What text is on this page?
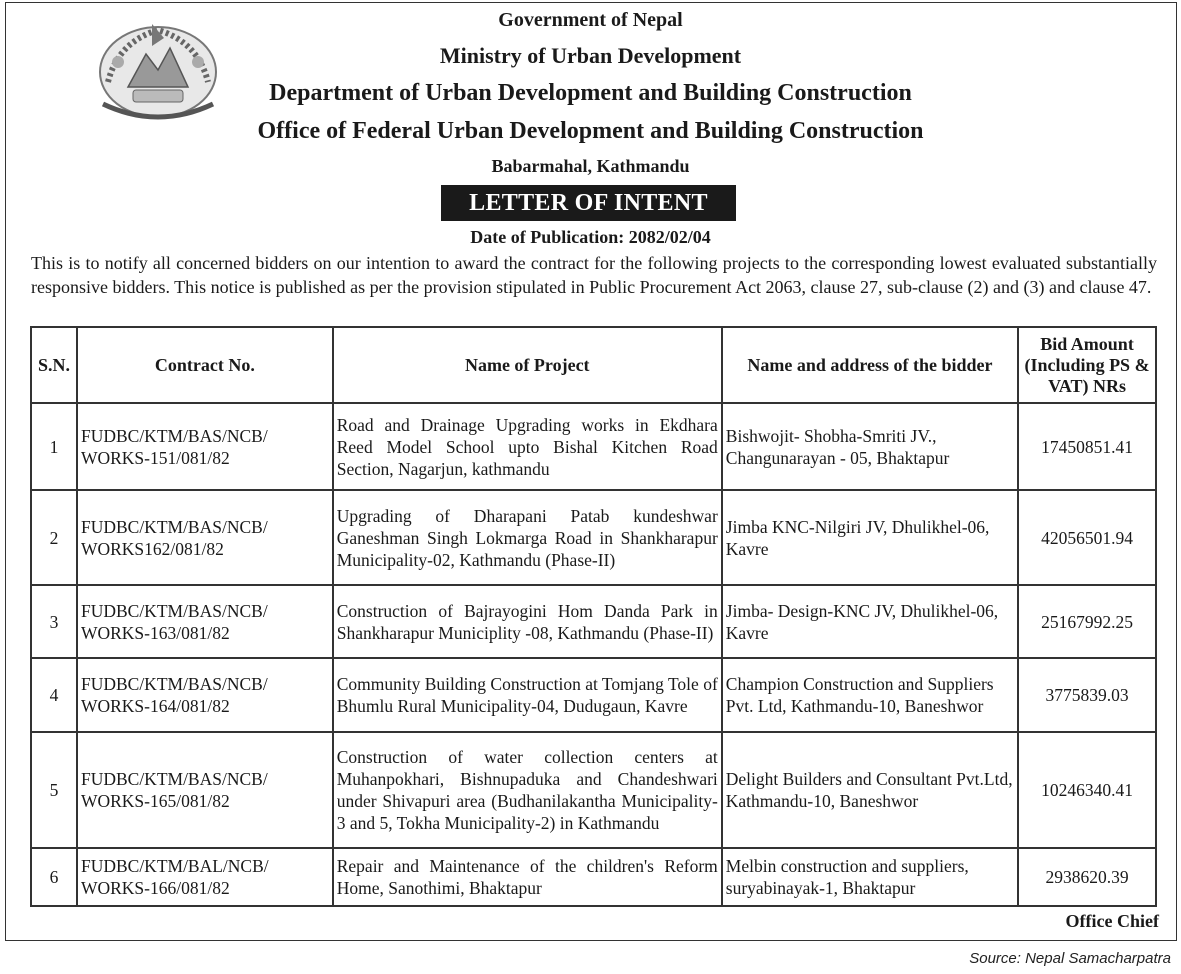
Government of Nepal

Ministry of Urban Development

Department of Urban Development and Building Construction

Office of Federal Urban Development and Building Construction

Babarmahal, Kathmandu

LETTER OF INTENT
Date of Publication: 2082/02/04

This is to notify all concerned bidders on our intention to award the contract for the following projects to the corresponding lowest evaluated substantially responsive bidders. This notice is published as per the provision stipulated in Public Procurement Act 2063, clause 27, sub-clause (2) and (3) and clause 47.

S.N.	Contract No.	Name of Project	Name and address of the bidder	Bid Amount (Including PS & VAT) NRs
1	FUDBC/KTM/BAS/NCB/ WORKS-151/081/82	Road and Drainage Upgrading works in Ekdhara Reed Model School upto Bishal Kitchen Road Section, Nagarjun, kathmandu	Bishwojit- Shobha-Smriti JV., Changunarayan - 05, Bhaktapur	17450851.41
2	FUDBC/KTM/BAS/NCB/ WORKS162/081/82	Upgrading of Dharapani Patab kundeshwar Ganeshman Singh Lokmarga Road in Shankharapur Municipality-02, Kathmandu (Phase-II)	Jimba KNC-Nilgiri JV, Dhulikhel-06, Kavre	42056501.94
3	FUDBC/KTM/BAS/NCB/ WORKS-163/081/82	Construction of Bajrayogini Hom Danda Park in Shankharapur Municiplity -08, Kathmandu (Phase-II)	Jimba- Design-KNC JV, Dhulikhel-06, Kavre	25167992.25
4	FUDBC/KTM/BAS/NCB/ WORKS-164/081/82	Community Building Construction at Tomjang Tole of Bhumlu Rural Municipality-04, Dudugaun, Kavre	Champion Construction and Suppliers Pvt. Ltd, Kathmandu-10, Baneshwor	3775839.03
5	FUDBC/KTM/BAS/NCB/ WORKS-165/081/82	Construction of water collection centers at Muhanpokhari, Bishnupaduka and Chandeshwari under Shivapuri area (Budhanilakantha Municipality-3 and 5, Tokha Municipality-2) in Kathmandu	Delight Builders and Consultant Pvt.Ltd, Kathmandu-10, Baneshwor	10246340.41
6	FUDBC/KTM/BAL/NCB/ WORKS-166/081/82	Repair and Maintenance of the children's Reform Home, Sanothimi, Bhaktapur	Melbin construction and suppliers, suryabinayak-1, Bhaktapur	2938620.39
Office Chief
Source: Nepal Samacharpatra
